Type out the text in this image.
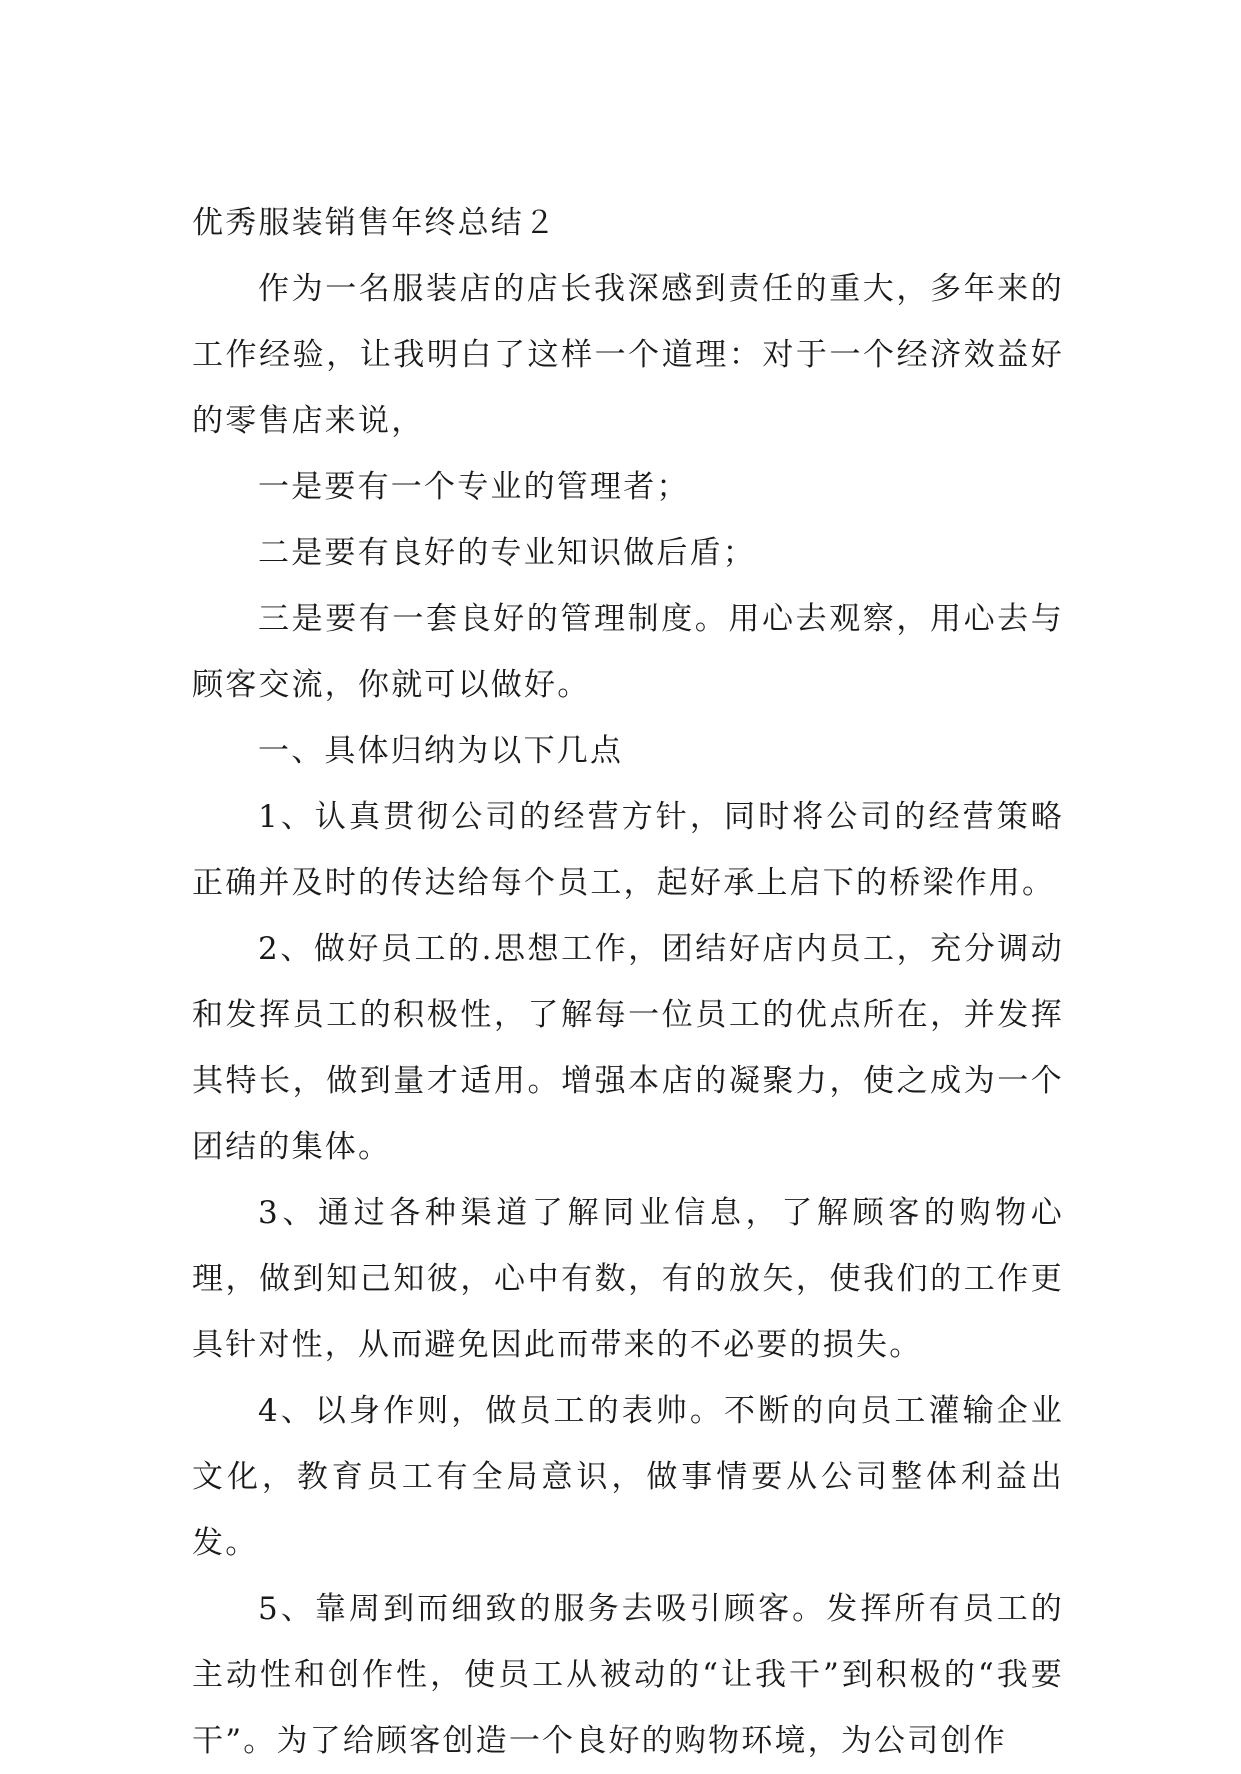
优秀服装销售年终总结２

作为一名服装店的店长我深感到责任的重大，多年来的工作经验，让我明白了这样一个道理：对于一个经济效益好的零售店来说，

一是要有一个专业的管理者；

二是要有良好的专业知识做后盾；

三是要有一套良好的管理制度。用心去观察，用心去与顾客交流，你就可以做好。

一、具体归纳为以下几点

1、认真贯彻公司的经营方针，同时将公司的经营策略正确并及时的传达给每个员工，起好承上启下的桥梁作用。

2、做好员工的.思想工作，团结好店内员工，充分调动和发挥员工的积极性，了解每一位员工的优点所在，并发挥其特长，做到量才适用。增强本店的凝聚力，使之成为一个团结的集体。

3、通过各种渠道了解同业信息，了解顾客的购物心理，做到知己知彼，心中有数，有的放矢，使我们的工作更具针对性，从而避免因此而带来的不必要的损失。

4、以身作则，做员工的表帅。不断的向员工灌输企业文化，教育员工有全局意识，做事情要从公司整体利益出发。

5、靠周到而细致的服务去吸引顾客。发挥所有员工的主动性和创作性，使员工从被动的“让我干”到积极的“我要干”。为了给顾客创造一个良好的购物环境，为公司创作
